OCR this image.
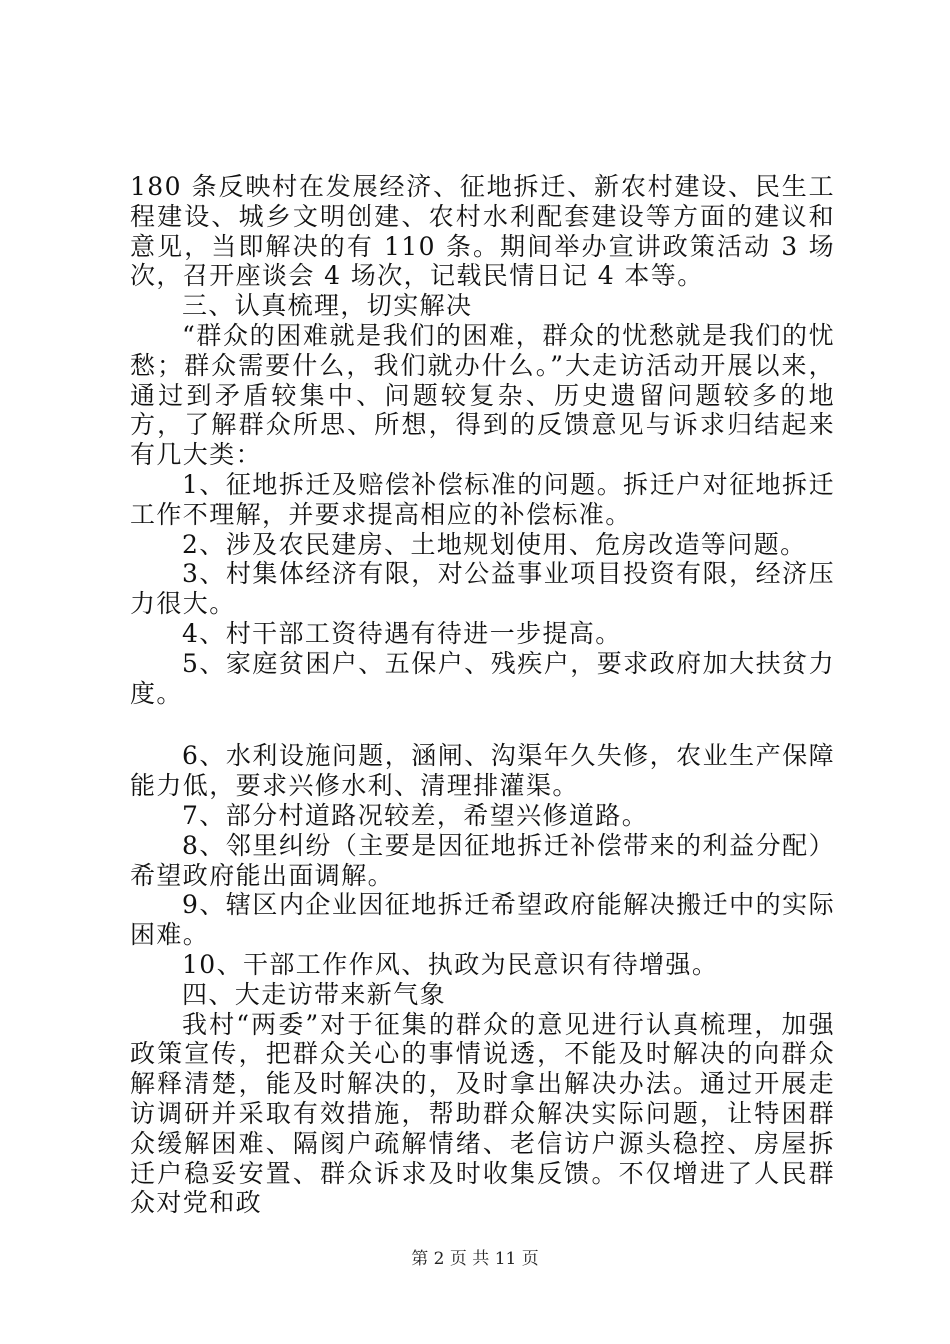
180 条反映村在发展经济、征地拆迁、新农村建设、民生工程建设、城乡文明创建、农村水利配套建设等方面的建议和意见，当即解决的有 110 条。期间举办宣讲政策活动 3 场次，召开座谈会 4 场次，记载民情日记 4 本等。

三、认真梳理，切实解决

“群众的困难就是我们的困难，群众的忧愁就是我们的忧愁；群众需要什么，我们就办什么。”大走访活动开展以来，通过到矛盾较集中、问题较复杂、历史遗留问题较多的地方，了解群众所思、所想，得到的反馈意见与诉求归结起来有几大类：

1、征地拆迁及赔偿补偿标准的问题。拆迁户对征地拆迁工作不理解，并要求提高相应的补偿标准。

2、涉及农民建房、土地规划使用、危房改造等问题。

3、村集体经济有限，对公益事业项目投资有限，经济压力很大。

4、村干部工资待遇有待进一步提高。

5、家庭贫困户、五保户、残疾户，要求政府加大扶贫力度。

6、水利设施问题，涵闸、沟渠年久失修，农业生产保障能力低，要求兴修水利、清理排灌渠。

7、部分村道路况较差，希望兴修道路。

8、邻里纠纷（主要是因征地拆迁补偿带来的利益分配）希望政府能出面调解。

9、辖区内企业因征地拆迁希望政府能解决搬迁中的实际困难。

10、干部工作作风、执政为民意识有待增强。

四、大走访带来新气象

我村“两委”对于征集的群众的意见进行认真梳理，加强政策宣传，把群众关心的事情说透，不能及时解决的向群众解释清楚，能及时解决的，及时拿出解决办法。通过开展走访调研并采取有效措施，帮助群众解决实际问题，让特困群众缓解困难、隔阂户疏解情绪、老信访户源头稳控、房屋拆迁户稳妥安置、群众诉求及时收集反馈。不仅增进了人民群众对党和政

第 2 页 共 11 页
